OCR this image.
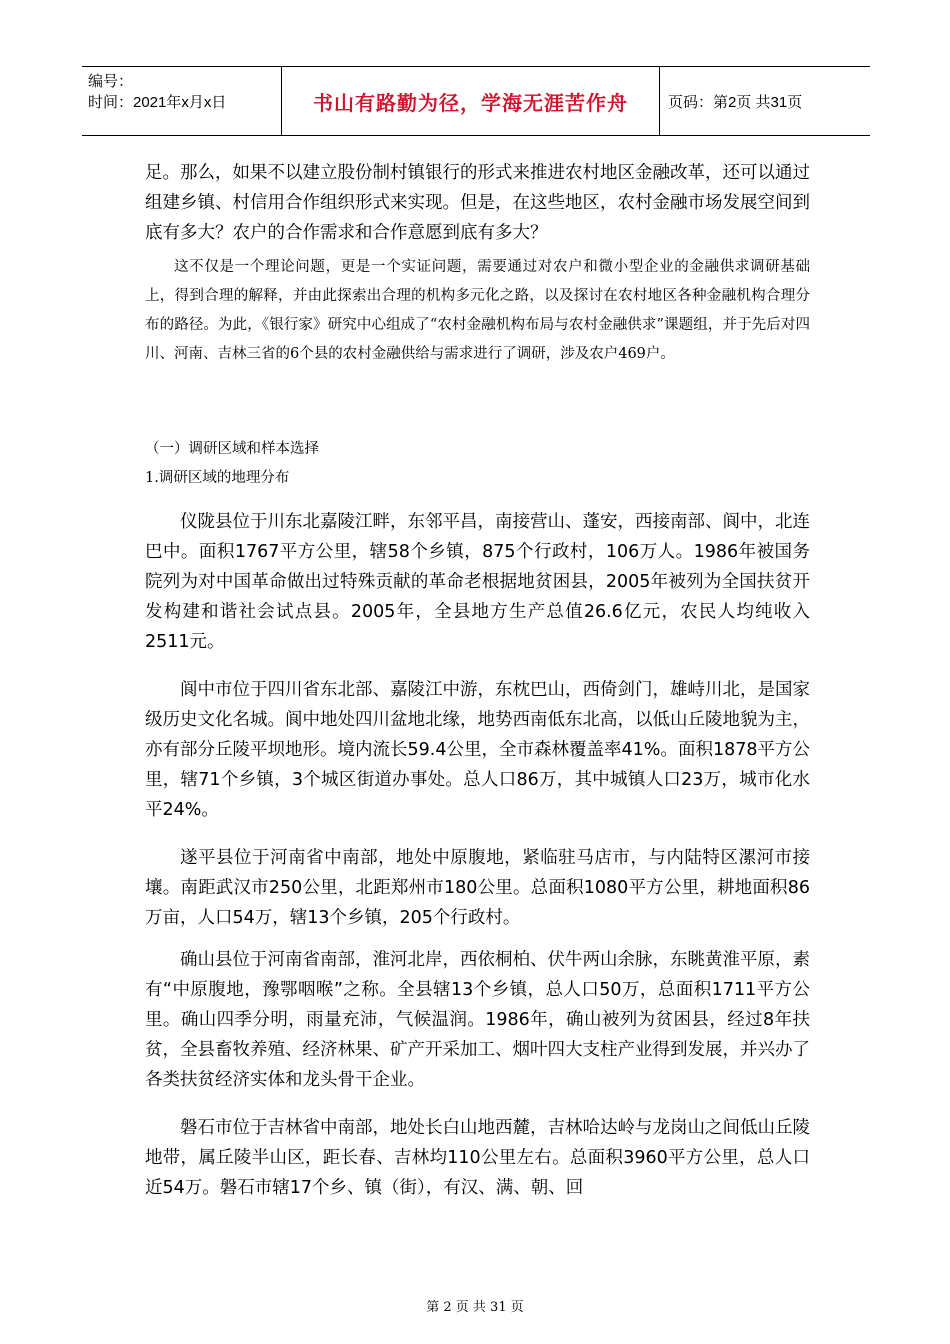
编号：
时间：2021年x月x日	书山有路勤为径，学海无涯苦作舟	页码：第2页 共31页

足。那么，如果不以建立股份制村镇银行的形式来推进农村地区金融改革，还可以通过组建乡镇、村信用合作组织形式来实现。但是，在这些地区，农村金融市场发展空间到底有多大？农户的合作需求和合作意愿到底有多大？

这不仅是一个理论问题，更是一个实证问题，需要通过对农户和微小型企业的金融供求调研基础上，得到合理的解释，并由此探索出合理的机构多元化之路，以及探讨在农村地区各种金融机构合理分布的路径。为此，《银行家》研究中心组成了“农村金融机构布局与农村金融供求”课题组，并于先后对四川、河南、吉林三省的6个县的农村金融供给与需求进行了调研，涉及农户469户。

（一）调研区域和样本选择

1.调研区域的地理分布

仪陇县位于川东北嘉陵江畔，东邻平昌，南接营山、蓬安，西接南部、阆中，北连巴中。面积1767平方公里，辖58个乡镇，875个行政村，106万人。1986年被国务院列为对中国革命做出过特殊贡献的革命老根据地贫困县，2005年被列为全国扶贫开发构建和谐社会试点县。2005年，全县地方生产总值26.6亿元，农民人均纯收入2511元。

阆中市位于四川省东北部、嘉陵江中游，东枕巴山，西倚剑门，雄峙川北，是国家级历史文化名城。阆中地处四川盆地北缘，地势西南低东北高，以低山丘陵地貌为主，亦有部分丘陵平坝地形。境内流长59.4公里，全市森林覆盖率41%。面积1878平方公里，辖71个乡镇，3个城区街道办事处。总人口86万，其中城镇人口23万，城市化水平24%。

遂平县位于河南省中南部，地处中原腹地，紧临驻马店市，与内陆特区漯河市接壤。南距武汉市250公里，北距郑州市180公里。总面积1080平方公里，耕地面积86万亩，人口54万，辖13个乡镇，205个行政村。

确山县位于河南省南部，淮河北岸，西依桐柏、伏牛两山余脉，东眺黄淮平原，素有“中原腹地，豫鄂咽喉”之称。全县辖13个乡镇，总人口50万，总面积1711平方公里。确山四季分明，雨量充沛，气候温润。1986年，确山被列为贫困县，经过8年扶贫，全县畜牧养殖、经济林果、矿产开采加工、烟叶四大支柱产业得到发展，并兴办了各类扶贫经济实体和龙头骨干企业。

磐石市位于吉林省中南部，地处长白山地西麓，吉林哈达岭与龙岗山之间低山丘陵地带，属丘陵半山区，距长春、吉林均110公里左右。总面积3960平方公里，总人口近54万。磐石市辖17个乡、镇（街），有汉、满、朝、回

第 2 页 共 31 页
